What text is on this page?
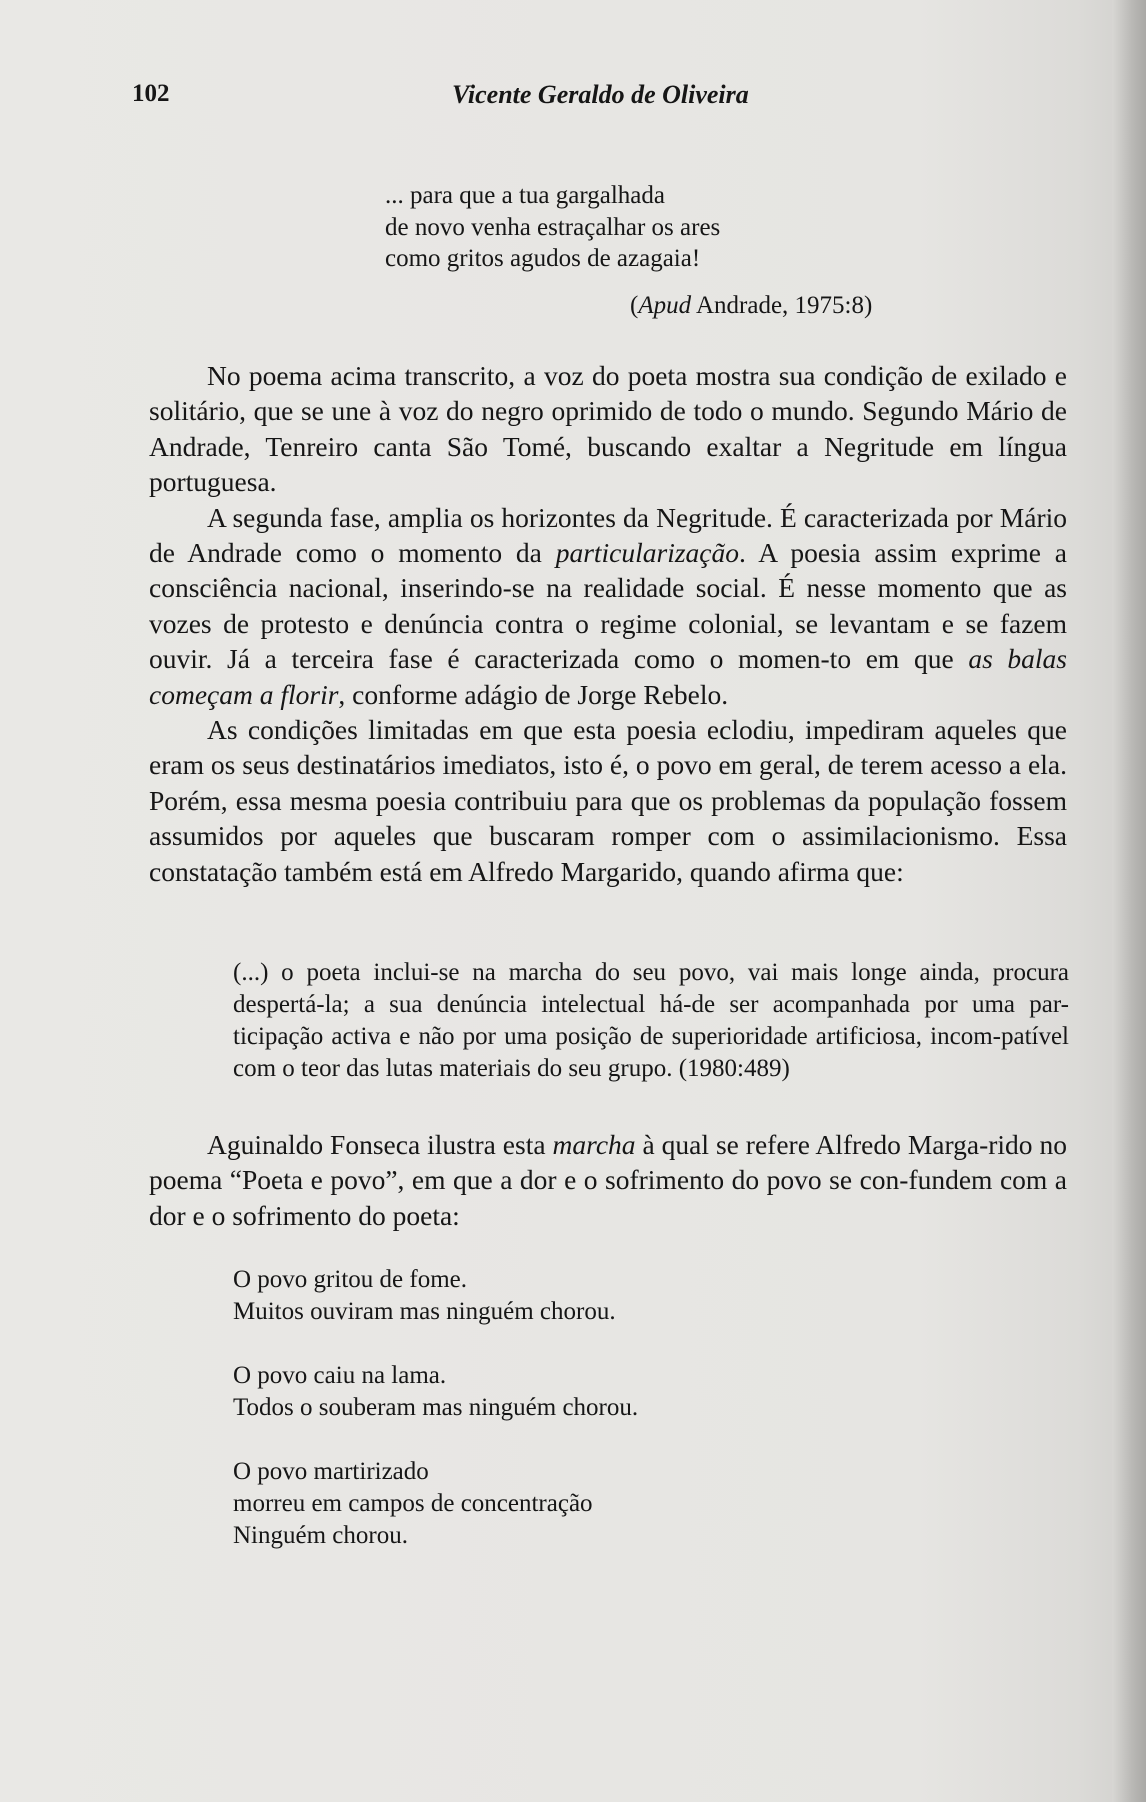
102	Vicente Geraldo de Oliveira
... para que a tua gargalhada
de novo venha estraçalhar os ares
como gritos agudos de azagaia!
(Apud Andrade, 1975:8)

No poema acima transcrito, a voz do poeta mostra sua condição de exilado e solitário, que se une à voz do negro oprimido de todo o mundo. Segundo Mário de Andrade, Tenreiro canta São Tomé, buscando exaltar a Negritude em língua portuguesa.

A segunda fase, amplia os horizontes da Negritude. É caracterizada por Mário de Andrade como o momento da particularização. A poesia assim exprime a consciência nacional, inserindo-se na realidade social. É nesse momento que as vozes de protesto e denúncia contra o regime colonial, se levantam e se fazem ouvir. Já a terceira fase é caracterizada como o momen-to em que as balas começam a florir, conforme adágio de Jorge Rebelo.

As condições limitadas em que esta poesia eclodiu, impediram aqueles que eram os seus destinatários imediatos, isto é, o povo em geral, de terem acesso a ela. Porém, essa mesma poesia contribuiu para que os problemas da população fossem assumidos por aqueles que buscaram romper com o assimilacionismo. Essa constatação também está em Alfredo Margarido, quando afirma que:

(...) o poeta inclui-se na marcha do seu povo, vai mais longe ainda, procura despertá-la; a sua denúncia intelectual há-de ser acompanhada por uma par-ticipação activa e não por uma posição de superioridade artificiosa, incom-patível com o teor das lutas materiais do seu grupo. (1980:489)

Aguinaldo Fonseca ilustra esta marcha à qual se refere Alfredo Marga-rido no poema “Poeta e povo”, em que a dor e o sofrimento do povo se con-fundem com a dor e o sofrimento do poeta:

O povo gritou de fome.
Muitos ouviram mas ninguém chorou.
O povo caiu na lama.
Todos o souberam mas ninguém chorou.
O povo martirizado
morreu em campos de concentração
Ninguém chorou.
